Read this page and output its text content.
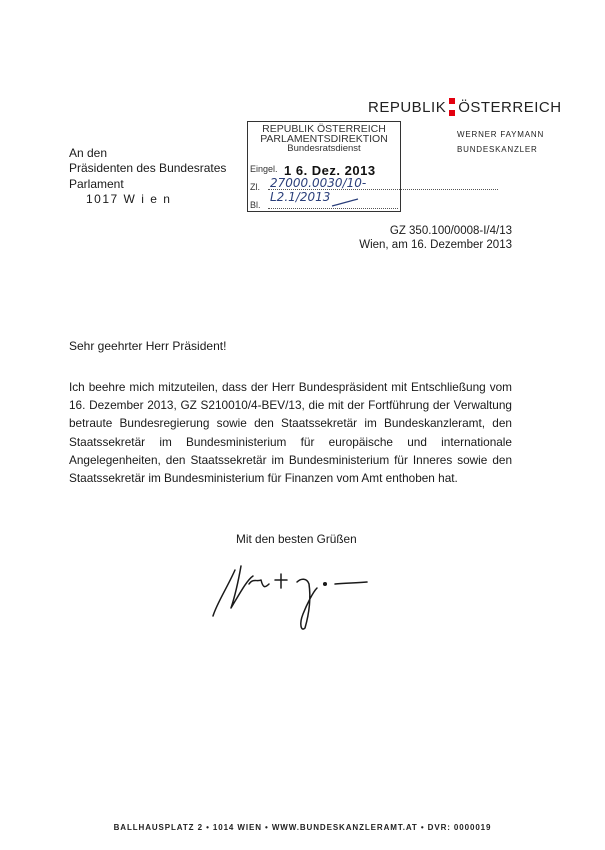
REPUBLIK ÖSTERREICH
WERNER FAYMANN
BUNDESKANZLER
REPUBLIK ÖSTERREICH
PARLAMENTSDIREKTION
Bundesratsdienst
Eingel. 1 6. Dez. 2013
Zl. 27000.0030/10-L2.1/2013
Bl.
An den
Präsidenten des Bundesrates
Parlament
1017 W i e n
GZ 350.100/0008-I/4/13
Wien, am 16. Dezember 2013
Sehr geehrter Herr Präsident!
Ich beehre mich mitzuteilen, dass der Herr Bundespräsident mit Entschließung vom 16. Dezember 2013, GZ S210010/4-BEV/13, die mit der Fortführung der Verwaltung betraute Bundesregierung sowie den Staatssekretär im Bundeskanzleramt, den Staatssekretär im Bundesministerium für europäische und internationale Angelegenheiten, den Staatssekretär im Bundesministerium für Inneres sowie den Staatssekretär im Bundesministerium für Finanzen vom Amt enthoben hat.
Mit den besten Grüßen
BALLHAUSPLATZ 2 • 1014 WIEN • WWW.BUNDESKANZLERAMT.AT • DVR: 0000019
